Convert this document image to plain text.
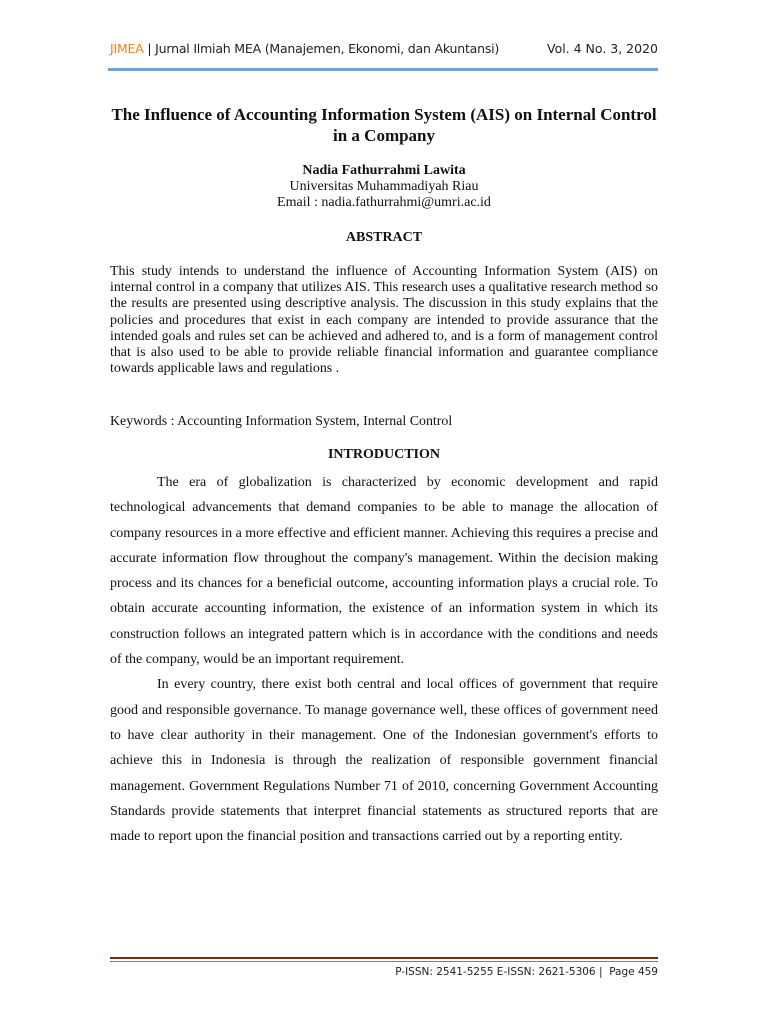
JIMEA | Jurnal Ilmiah MEA (Manajemen, Ekonomi, dan Akuntansi)	Vol. 4 No. 3, 2020
The Influence of Accounting Information System (AIS) on Internal Control in a Company
Nadia Fathurrahmi Lawita
Universitas Muhammadiyah Riau
Email : nadia.fathurrahmi@umri.ac.id
ABSTRACT
This study intends to understand the influence of Accounting Information System (AIS) on internal control in a company that utilizes AIS. This research uses a qualitative research method so the results are presented using descriptive analysis. The discussion in this study explains that the policies and procedures that exist in each company are intended to provide assurance that the intended goals and rules set can be achieved and adhered to, and is a form of management control that is also used to be able to provide reliable financial information and guarantee compliance towards applicable laws and regulations .
Keywords : Accounting Information System, Internal Control
INTRODUCTION

The era of globalization is characterized by economic development and rapid technological advancements that demand companies to be able to manage the allocation of company resources in a more effective and efficient manner. Achieving this requires a precise and accurate information flow throughout the company's management. Within the decision making process and its chances for a beneficial outcome, accounting information plays a crucial role. To obtain accurate accounting information, the existence of an information system in which its construction follows an integrated pattern which is in accordance with the conditions and needs of the company, would be an important requirement.

In every country, there exist both central and local offices of government that require good and responsible governance. To manage governance well, these offices of government need to have clear authority in their management. One of the Indonesian government's efforts to achieve this in Indonesia is through the realization of responsible government financial management. Government Regulations Number 71 of 2010, concerning Government Accounting Standards provide statements that interpret financial statements as structured reports that are made to report upon the financial position and transactions carried out by a reporting entity.

P-ISSN: 2541-5255 E-ISSN: 2621-5306 | Page 459
